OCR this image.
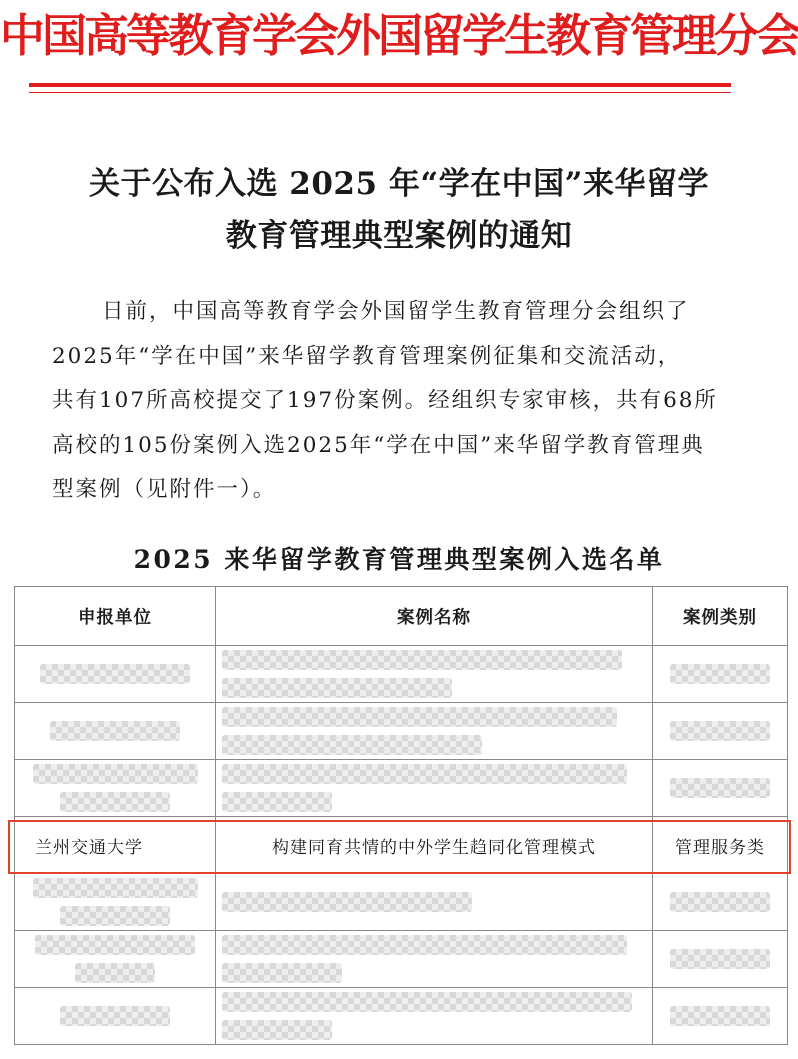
中国高等教育学会外国留学生教育管理分会
关于公布入选 2025 年“学在中国”来华留学
教育管理典型案例的通知

日前，中国高等教育学会外国留学生教育管理分会组织了
2025年“学在中国”来华留学教育管理案例征集和交流活动，
共有107所高校提交了197份案例。经组织专家审核，共有68所
高校的105份案例入选2025年“学在中国”来华留学教育管理典
型案例（见附件一）。

2025 来华留学教育管理典型案例入选名单
申报单位	案例名称	案例类别

兰州交通大学	构建同育共情的中外学生趋同化管理模式	管理服务类
